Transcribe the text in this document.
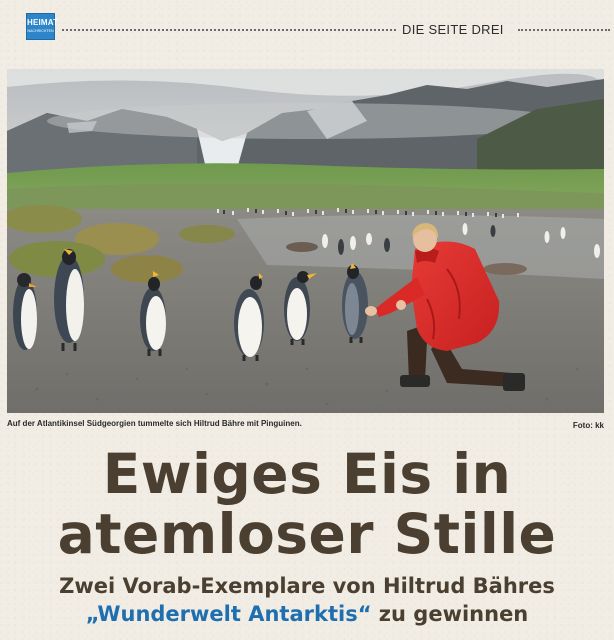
HEIMAT
NACHRICHTEN	DIE SEITE DREI
Auf der Atlantikinsel Südgeorgien tummelte sich Hiltrud Bähre mit Pinguinen.	Foto: kk
Ewiges Eis in
atemloser Stille
Zwei Vorab-Exemplare von Hiltrud Bähres
„Wunderwelt Antarktis“ zu gewinnen
